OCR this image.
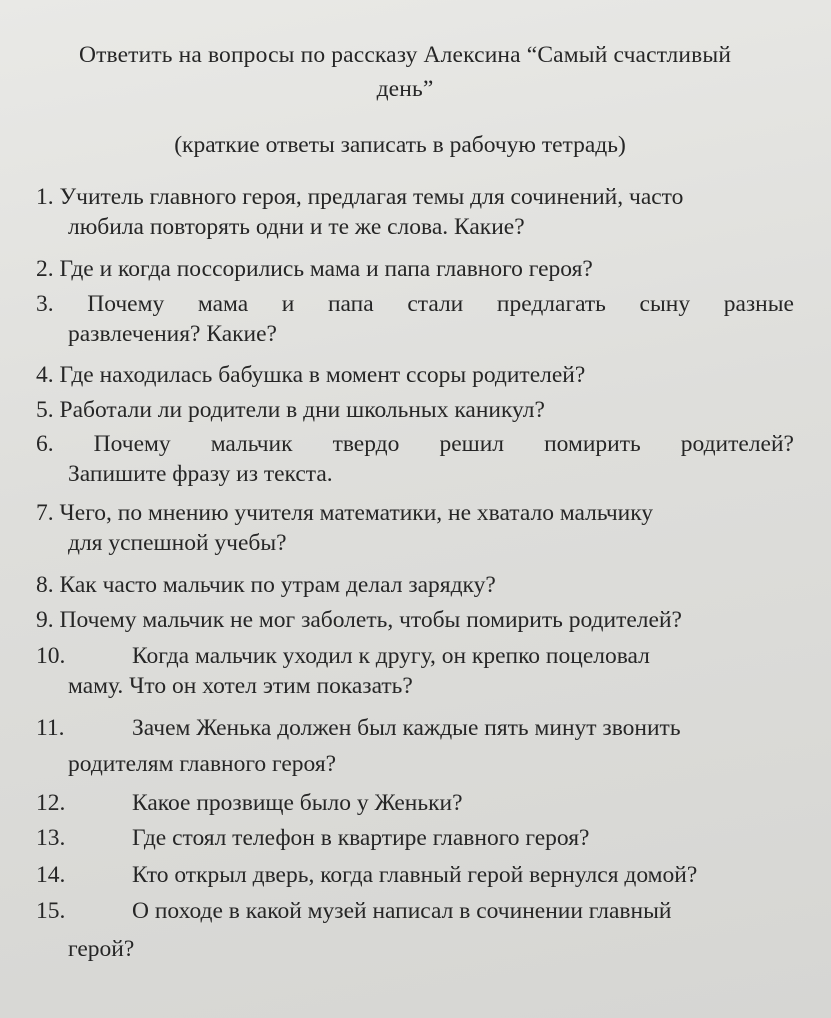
Ответить на вопросы по рассказу Алексина “Самый счастливый
день”
(краткие ответы записать в рабочую тетрадь)
1. Учитель главного героя, предлагая темы для сочинений, часто
любила повторять одни и те же слова. Какие?
2. Где и когда поссорились мама и папа главного героя?
3. Почему мама и папа стали предлагать сыну разные
развлечения? Какие?
4. Где находилась бабушка в момент ссоры родителей?
5. Работали ли родители в дни школьных каникул?
6. Почему мальчик твердо решил помирить родителей?
Запишите фразу из текста.
7. Чего, по мнению учителя математики, не хватало мальчику
для успешной учебы?
8. Как часто мальчик по утрам делал зарядку?
9. Почему мальчик не мог заболеть, чтобы помирить родителей?
10.	Когда мальчик уходил к другу, он крепко поцеловал
маму. Что он хотел этим показать?
11.	Зачем Женька должен был каждые пять минут звонить
родителям главного героя?
12.	Какое прозвище было у Женьки?
13.	Где стоял телефон в квартире главного героя?
14.	Кто открыл дверь, когда главный герой вернулся домой?
15.	О походе в какой музей написал в сочинении главный
герой?
